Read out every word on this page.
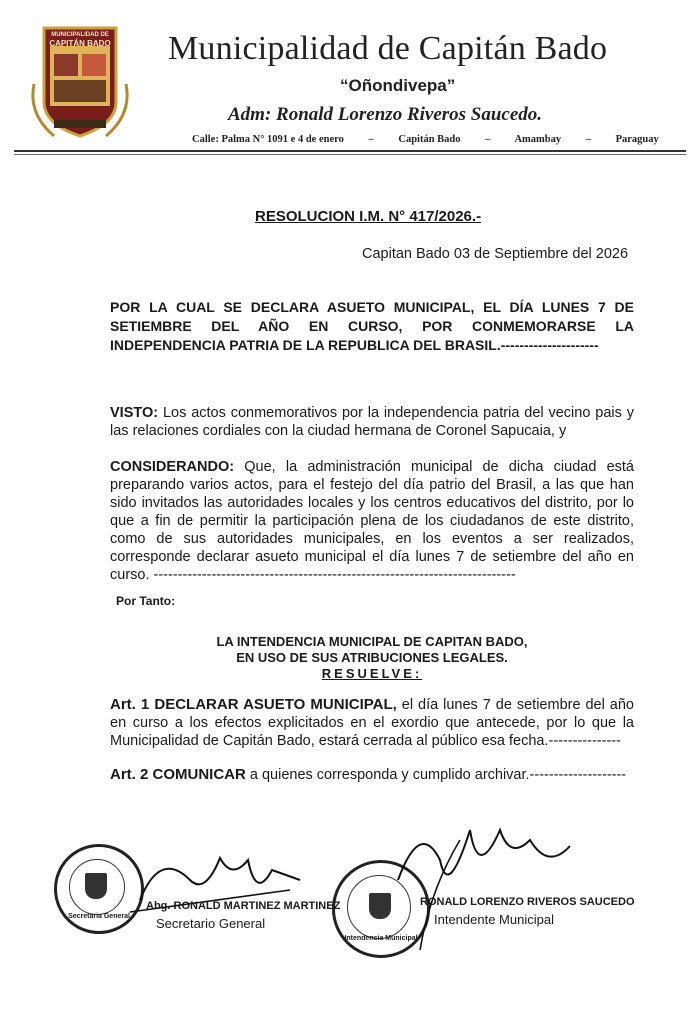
MUNICIPALIDAD DE
CAPITÁN BADO Municipalidad de Capitán Bado
“Oñondivepa”
Adm: Ronald Lorenzo Riveros Saucedo.
Calle: Palma N° 1091 e 4 de enero – Capitán Bado – Amambay – Paraguay
RESOLUCION I.M. N° 417/2026.-
Capitan Bado 03 de Septiembre del 2026
POR LA CUAL SE DECLARA ASUETO MUNICIPAL, EL DÍA LUNES 7 DE SETIEMBRE DEL AÑO EN CURSO, POR CONMEMORARSE LA INDEPENDENCIA PATRIA DE LA REPUBLICA DEL BRASIL.---------------------
VISTO: Los actos conmemorativos por la independencia patria del vecino pais y las relaciones cordiales con la ciudad hermana de Coronel Sapucaia, y
CONSIDERANDO: Que, la administración municipal de dicha ciudad está preparando varios actos, para el festejo del día patrio del Brasil, a las que han sido invitados las autoridades locales y los centros educativos del distrito, por lo que a fin de permitir la participación plena de los ciudadanos de este distrito, como de sus autoridades municipales, en los eventos a ser realizados, corresponde declarar asueto municipal el día lunes 7 de setiembre del año en curso. ---------------------------------------------------------------------------
Por Tanto:
LA INTENDENCIA MUNICIPAL DE CAPITAN BADO,
EN USO DE SUS ATRIBUCIONES LEGALES.
RESUELVE:
Art. 1 DECLARAR ASUETO MUNICIPAL, el día lunes 7 de setiembre del año en curso a los efectos explicitados en el exordio que antecede, por lo que la Municipalidad de Capitán Bado, estará cerrada al público esa fecha.---------------
Art. 2 COMUNICAR a quienes corresponda y cumplido archivar.--------------------
Secretaria General
Intendencia Municipal
Abg. RONALD MARTINEZ MARTINEZ
Secretario General
RONALD LORENZO RIVEROS SAUCEDO
Intendente Municipal
